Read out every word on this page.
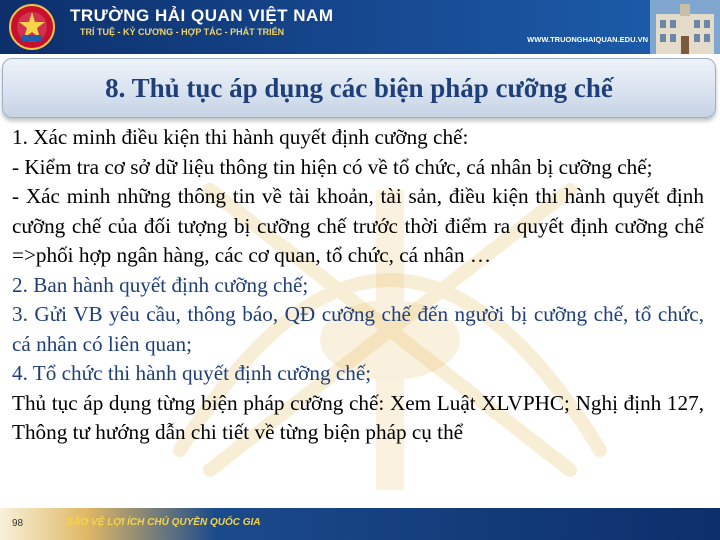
TRƯỜNG HẢI QUAN VIỆT NAM
TRÍ TUỆ - KỶ CƯƠNG - HỢP TÁC - PHÁT TRIỂN
WWW.TRUONGHAIQUAN.EDU.VN
8. Thủ tục áp dụng các biện pháp cưỡng chế

1. Xác minh điều kiện thi hành quyết định cưỡng chế:

- Kiểm tra cơ sở dữ liệu thông tin hiện có về tổ chức, cá nhân bị cưỡng chế;

- Xác minh những thông tin về tài khoản, tài sản, điều kiện thi hành quyết định cưỡng chế của đối tượng bị cưỡng chế trước thời điểm ra quyết định cưỡng chế =>phối hợp ngân hàng, các cơ quan, tổ chức, cá nhân …

2. Ban hành quyết định cưỡng chế;

3. Gửi VB yêu cầu, thông báo, QĐ cưỡng chế đến người bị cưỡng chế, tổ chức, cá nhân có liên quan;

4. Tổ chức thi hành quyết định cưỡng chế;

Thủ tục áp dụng từng biện pháp cưỡng chế: Xem Luật XLVPHC; Nghị định 127, Thông tư hướng dẫn chi tiết về từng biện pháp cụ thể

98	BẢO VỆ LỢI ÍCH CHỦ QUYỀN QUỐC GIA
